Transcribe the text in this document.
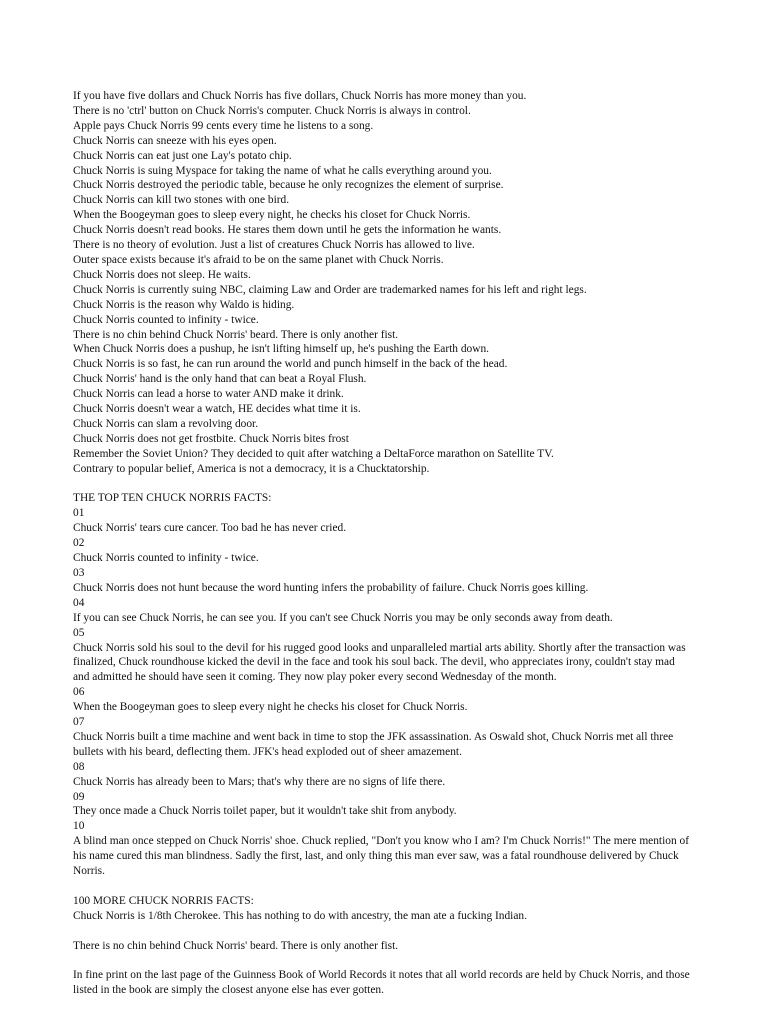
If you have five dollars and Chuck Norris has five dollars, Chuck Norris has more money than you.
There is no 'ctrl' button on Chuck Norris's computer. Chuck Norris is always in control.
Apple pays Chuck Norris 99 cents every time he listens to a song.
Chuck Norris can sneeze with his eyes open.
Chuck Norris can eat just one Lay's potato chip.
Chuck Norris is suing Myspace for taking the name of what he calls everything around you.
Chuck Norris destroyed the periodic table, because he only recognizes the element of surprise.
Chuck Norris can kill two stones with one bird.
When the Boogeyman goes to sleep every night, he checks his closet for Chuck Norris.
Chuck Norris doesn't read books. He stares them down until he gets the information he wants.
There is no theory of evolution. Just a list of creatures Chuck Norris has allowed to live.
Outer space exists because it's afraid to be on the same planet with Chuck Norris.
Chuck Norris does not sleep. He waits.
Chuck Norris is currently suing NBC, claiming Law and Order are trademarked names for his left and right legs.
Chuck Norris is the reason why Waldo is hiding.
Chuck Norris counted to infinity - twice.
There is no chin behind Chuck Norris' beard. There is only another fist.
When Chuck Norris does a pushup, he isn't lifting himself up, he's pushing the Earth down.
Chuck Norris is so fast, he can run around the world and punch himself in the back of the head.
Chuck Norris' hand is the only hand that can beat a Royal Flush.
Chuck Norris can lead a horse to water AND make it drink.
Chuck Norris doesn't wear a watch, HE decides what time it is.
Chuck Norris can slam a revolving door.
Chuck Norris does not get frostbite. Chuck Norris bites frost
Remember the Soviet Union? They decided to quit after watching a DeltaForce marathon on Satellite TV.
Contrary to popular belief, America is not a democracy, it is a Chucktatorship.
THE TOP TEN CHUCK NORRIS FACTS:
01
Chuck Norris' tears cure cancer. Too bad he has never cried.
02
Chuck Norris counted to infinity - twice.
03
Chuck Norris does not hunt because the word hunting infers the probability of failure. Chuck Norris goes killing.
04
If you can see Chuck Norris, he can see you. If you can't see Chuck Norris you may be only seconds away from death.
05
Chuck Norris sold his soul to the devil for his rugged good looks and unparalleled martial arts ability. Shortly after the transaction was finalized, Chuck roundhouse kicked the devil in the face and took his soul back. The devil, who appreciates irony, couldn't stay mad and admitted he should have seen it coming. They now play poker every second Wednesday of the month.
06
When the Boogeyman goes to sleep every night he checks his closet for Chuck Norris.
07
Chuck Norris built a time machine and went back in time to stop the JFK assassination. As Oswald shot, Chuck Norris met all three bullets with his beard, deflecting them. JFK's head exploded out of sheer amazement.
08
Chuck Norris has already been to Mars; that's why there are no signs of life there.
09
They once made a Chuck Norris toilet paper, but it wouldn't take shit from anybody.
10
A blind man once stepped on Chuck Norris' shoe. Chuck replied, "Don't you know who I am? I'm Chuck Norris!" The mere mention of his name cured this man blindness. Sadly the first, last, and only thing this man ever saw, was a fatal roundhouse delivered by Chuck Norris.
100 MORE CHUCK NORRIS FACTS:
Chuck Norris is 1/8th Cherokee. This has nothing to do with ancestry, the man ate a fucking Indian.
There is no chin behind Chuck Norris' beard. There is only another fist.
In fine print on the last page of the Guinness Book of World Records it notes that all world records are held by Chuck Norris, and those listed in the book are simply the closest anyone else has ever gotten.
